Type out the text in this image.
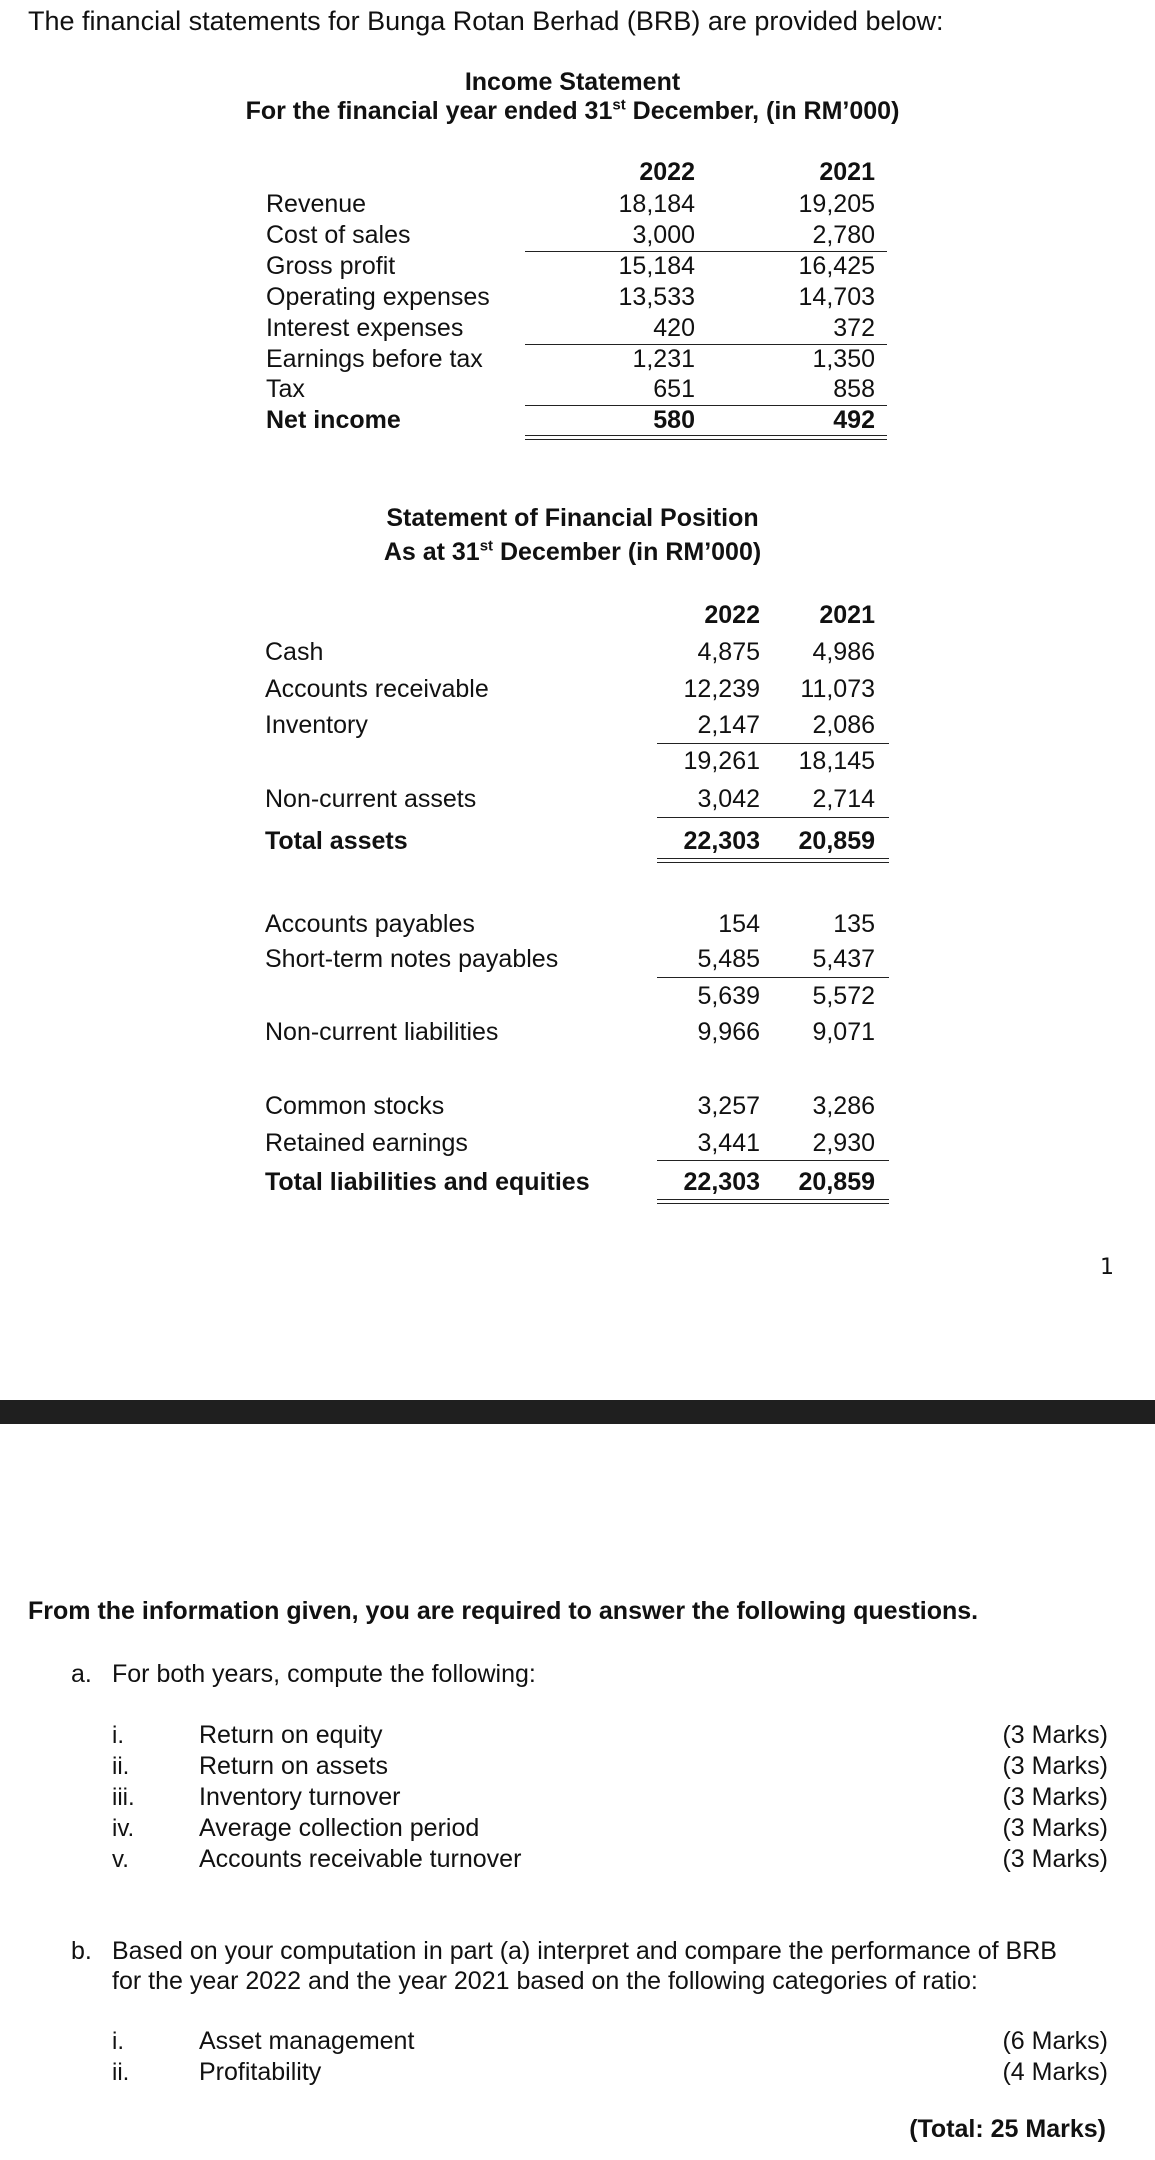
The financial statements for Bunga Rotan Berhad (BRB) are provided below:
Income Statement
For the financial year ended 31st December, (in RM’000)
2022	2021
Revenue	18,184	19,205
Cost of sales	3,000	2,780
Gross profit	15,184	16,425
Operating expenses	13,533	14,703
Interest expenses	420	372
Earnings before tax	1,231	1,350
Tax	651	858
Net income	580	492
Statement of Financial Position
As at 31st December (in RM’000)
2022	2021
Cash	4,875	4,986
Accounts receivable	12,239	11,073
Inventory	2,147	2,086
19,261	18,145
Non-current assets	3,042	2,714
Total assets	22,303	20,859
Accounts payables	154	135
Short-term notes payables	5,485	5,437
5,639	5,572
Non-current liabilities	9,966	9,071
Common stocks	3,257	3,286
Retained earnings	3,441	2,930
Total liabilities and equities	22,303	20,859
1
From the information given, you are required to answer the following questions.
a. For both years, compute the following:
i.	Return on equity	(3 Marks)
ii.	Return on assets	(3 Marks)
iii.	Inventory turnover	(3 Marks)
iv.	Average collection period	(3 Marks)
v.	Accounts receivable turnover	(3 Marks)
b. Based on your computation in part (a) interpret and compare the performance of BRB
for the year 2022 and the year 2021 based on the following categories of ratio:
i.	Asset management	(6 Marks)
ii.	Profitability	(4 Marks)
(Total: 25 Marks)
